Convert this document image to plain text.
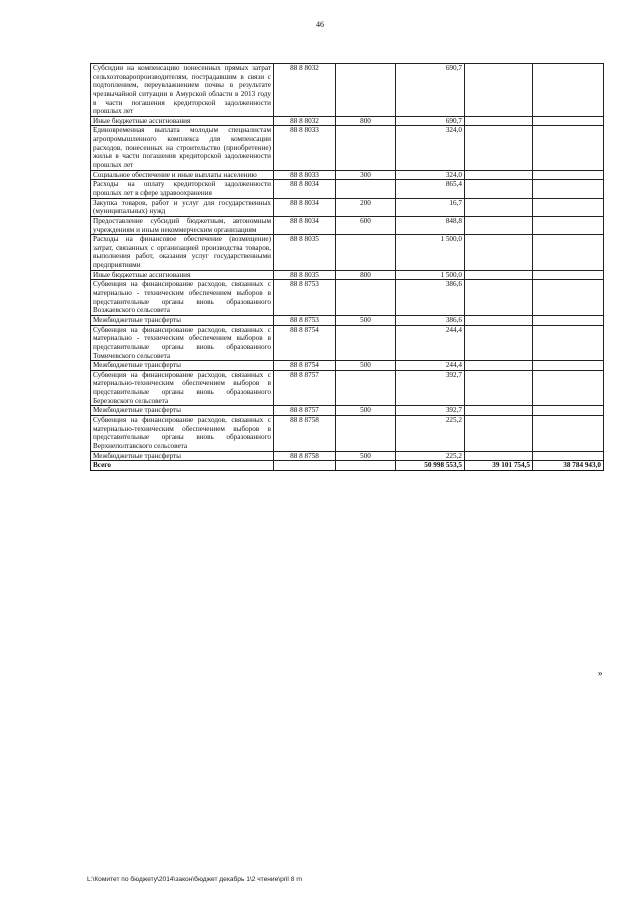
46
Субсидии на компенсацию понесенных прямых затрат сельхозтоваропроизводителям, пострадавшим в связи с подтоплением, переувлажнением почвы в результате чрезвычайной ситуации в Амурской области в 2013 году в части погашения кредиторской задолженности прошлых лет	88 8 8032		690,7		
Иные бюджетные ассигнования	88 8 8032	800	690,7		
Единовременная выплата молодым специалистам агропромышленного комплекса для компенсации расходов, понесенных на строительство (приобретение) жилья в части погашения кредиторской задолженности прошлых лет	88 8 8033		324,0		
Социальное обеспечение и иные выплаты населению	88 8 8033	300	324,0		
Расходы на оплату кредиторской задолженности прошлых лет в сфере здравоохранения	88 8 8034		865,4		
Закупка товаров, работ и услуг для государственных (муниципальных) нужд	88 8 8034	200	16,7		
Предоставление субсидий бюджетным, автономным учреждениям и иным некоммерческим организациям	88 8 8034	600	848,8		
Расходы на финансовое обеспечение (возмещение) затрат, связанных с организацией производства товаров, выполнения работ, оказания услуг государственными предприятиями	88 8 8035		1 500,0		
Иные бюджетные ассигнования	88 8 8035	800	1 500,0		
Субвенция на финансирование расходов, связанных с материально - техническим обеспечением выборов в представительные органы вновь образованного Возжаевского сельсовета	88 8 8753		386,6		
Межбюджетные трансферты	88 8 8753	500	386,6		
Субвенция на финансирование расходов, связанных с материально - техническим обеспечением выборов в представительные органы вновь образованного Томичевского сельсовета	88 8 8754		244,4		
Межбюджетные трансферты	88 8 8754	500	244,4		
Субвенция на финансирование расходов, связанных с материально-техническим обеспечением выборов в представительные органы вновь образованного Березовского сельсовета	88 8 8757		392,7		
Межбюджетные трансферты	88 8 8757	500	392,7		
Субвенция на финансирование расходов, связанных с материально-техническим обеспечением выборов в представительные органы вновь образованного Верхнеполтавского сельсовета	88 8 8758		225,2		
Межбюджетные трансферты	88 8 8758	500	225,2		
Всего			50 998 553,5	39 101 754,5	38 784 943,0
»
L:\Комитет по бюджету\2014\закон\бюджет декабрь 1\2 чтение\pril 8 rn
